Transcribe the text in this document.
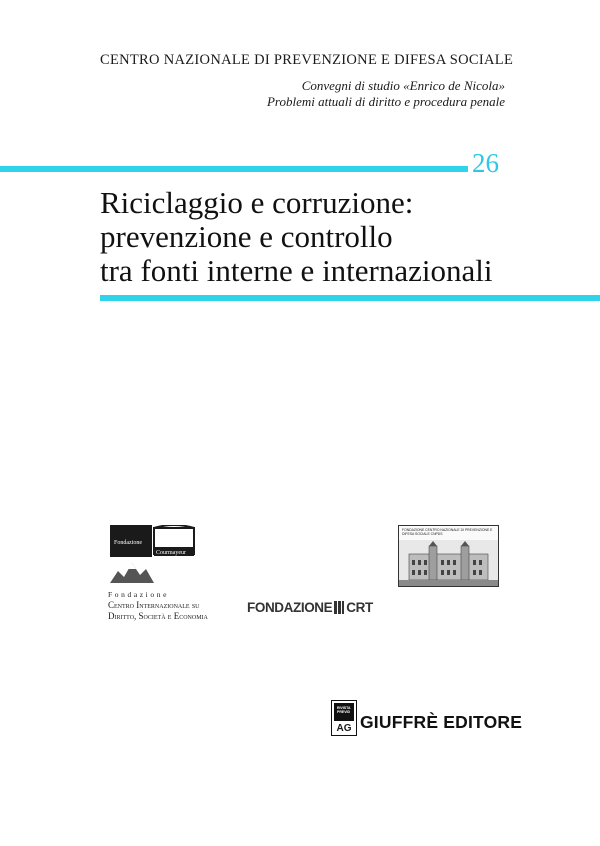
CENTRO NAZIONALE DI PREVENZIONE E DIFESA SOCIALE
Convegni di studio «Enrico de Nicola»
Problemi attuali di diritto e procedura penale
26
Riciclaggio e corruzione:
prevenzione e controllo
tra fonti interne e internazionali
Fondazione
Courmayeur
Fondazione
Centro Internazionale su
Diritto, Società e Economia
FONDAZIONE CENTRO NAZIONALE DI PREVENZIONE E DIFESA SOCIALE CNPDS
FONDAZIONE CRT
RIVISTA PREVID
AG GIUFFRÈ EDITORE
